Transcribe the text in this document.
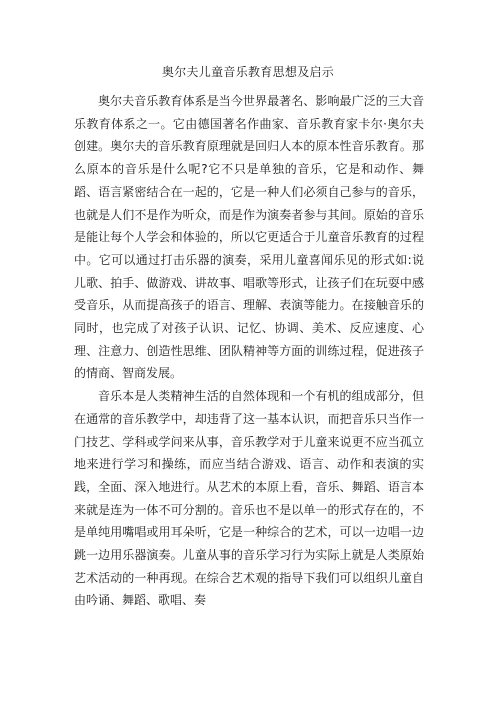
奥尔夫儿童音乐教育思想及启示

奥尔夫音乐教育体系是当今世界最著名、影响最广泛的三大音乐教育体系之一。它由德国著名作曲家、音乐教育家卡尔·奥尔夫创建。奥尔夫的音乐教育原理就是回归人本的原本性音乐教育。那么原本的音乐是什么呢?它不只是单独的音乐，它是和动作、舞蹈、语言紧密结合在一起的，它是一种人们必须自己参与的音乐，也就是人们不是作为听众，而是作为演奏者参与其间。原始的音乐是能让每个人学会和体验的，所以它更适合于儿童音乐教育的过程中。它可以通过打击乐器的演奏，采用儿童喜闻乐见的形式如:说儿歌、拍手、做游戏、讲故事、唱歌等形式，让孩子们在玩耍中感受音乐，从而提高孩子的语言、理解、表演等能力。在接触音乐的同时，也完成了对孩子认识、记忆、协调、美术、反应速度、心理、注意力、创造性思维、团队精神等方面的训练过程，促进孩子的情商、智商发展。

音乐本是人类精神生活的自然体现和一个有机的组成部分，但在通常的音乐教学中，却违背了这一基本认识，而把音乐只当作一门技艺、学科或学问来从事，音乐教学对于儿童来说更不应当孤立地来进行学习和操练，而应当结合游戏、语言、动作和表演的实践，全面、深入地进行。从艺术的本原上看，音乐、舞蹈、语言本来就是连为一体不可分割的。音乐也不是以单一的形式存在的，不是单纯用嘴唱或用耳朵听，它是一种综合的艺术，可以一边唱一边跳一边用乐器演奏。儿童从事的音乐学习行为实际上就是人类原始艺术活动的一种再现。在综合艺术观的指导下我们可以组织儿童自由吟诵、舞蹈、歌唱、奏
